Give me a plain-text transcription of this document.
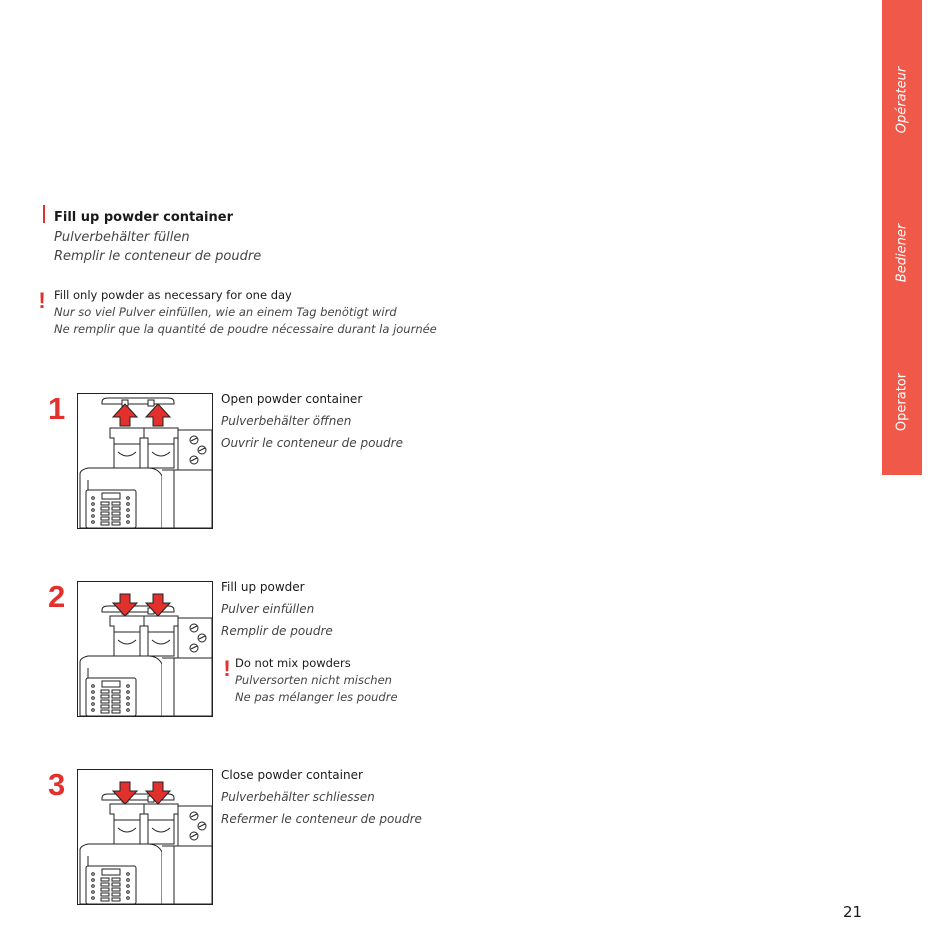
Operator
Bediener
Opérateur
Fill up powder container
Pulverbehälter füllen
Remplir le conteneur de poudre
! Fill only powder as necessary for one day
Nur so viel Pulver einfüllen, wie an einem Tag benötigt wird
Ne remplir que la quantité de poudre nécessaire durant la journée
1	Open powder container
Pulverbehälter öffnen
Ouvrir le conteneur de poudre
2	Fill up powder
Pulver einfüllen
Remplir de poudre
! Do not mix powders
Pulversorten nicht mischen
Ne pas mélanger les poudre
3	Close powder container
Pulverbehälter schliessen
Refermer le conteneur de poudre
21
